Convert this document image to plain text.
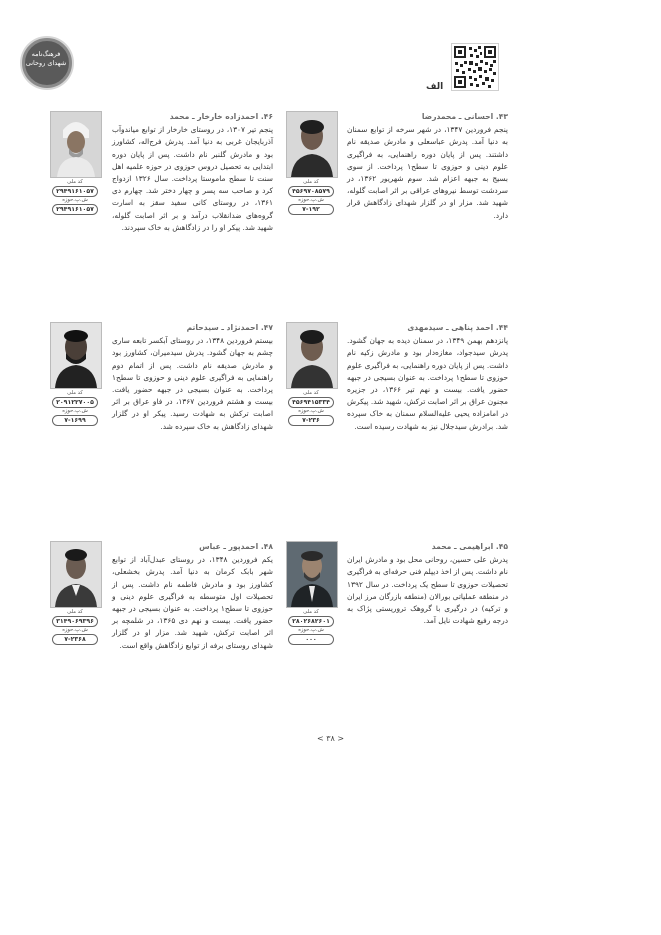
فرهنگ‌نامه شهدای روحانی
الف
۴۳. احسانی ـ محمدرضا
پنجم فروردین ۱۳۴۷، در شهر سرخه از توابع سمنان به دنیا آمد. پدرش عباسعلی و مادرش صدیقه نام داشتند. پس از پایان دوره راهنمایی، به فراگیری علوم دینی و حوزوی تا سطح۱ پرداخت. از سوی بسیج به جبهه اعزام شد. سوم شهریور ۱۳۶۲، در سردشت توسط نیروهای عراقی بر اثر اصابت گلوله، شهید شد. مزار او در گلزار شهدای زادگاهش قرار دارد.
کد ملی
۴۵۶۹۷۰۸۵۷۹
ش.پ.حوزه
۷-۱۹۲
۴۶. احمدزاده خارخار ـ محمد
پنجم تیر ۱۳۰۷، در روستای خارخار از توابع میاندوآب آذربایجان غربی به دنیا آمد. پدرش فرج‌اله، کشاورز بود و مادرش گلنبر نام داشت. پس از پایان دوره ابتدایی به تحصیل دروس حوزوی در حوزه علمیه اهل سنت تا سطح ماموستا پرداخت. سال ۱۳۲۶ ازدواج کرد و صاحب سه پسر و چهار دختر شد. چهارم دی ۱۳۶۱، در روستای کانی سفید سقز به اسارت گروه‌های ضدانقلاب درآمد و بر اثر اصابت گلوله، شهید شد. پیکر او را در زادگاهش به خاک سپردند.
کد ملی
۲۹۴۹۱۶۱۰۵۷
ش.پ.حوزه
۲۹۴۹۱۶۱۰۵۷
۴۴. احمد پناهی ـ سیدمهدی
پانزدهم بهمن ۱۳۴۹، در سمنان دیده به جهان گشود. پدرش سیدجواد، مغازه‌دار بود و مادرش زکیه نام داشت. پس از پایان دوره راهنمایی، به فراگیری علوم حوزوی تا سطح۱ پرداخت. به عنوان بسیجی در جبهه حضور یافت. بیست و نهم تیر ۱۳۶۶، در جزیره مجنون عراق بر اثر اصابت ترکش، شهید شد. پیکرش در امامزاده یحیی علیه‌السلام سمنان به خاک سپرده شد. برادرش سیدجلال نیز به شهادت رسیده است.
کد ملی
۴۵۶۹۴۱۵۳۳۴
ش.پ.حوزه
۷-۲۳۶
۴۷. احمدنژاد ـ سیدحاتم
بیستم فروردین ۱۳۴۸، در روستای آبکسر تابعه ساری چشم به جهان گشود. پدرش سیدمیران، کشاورز بود و مادرش صدیقه نام داشت. پس از اتمام دوم راهنمایی به فراگیری علوم دینی و حوزوی تا سطح۱ پرداخت. به عنوان بسیجی در جبهه حضور یافت. بیست و هشتم فروردین ۱۳۶۷، در فاو عراق بر اثر اصابت ترکش به شهادت رسید. پیکر او در گلزار شهدای زادگاهش به خاک سپرده شد.
کد ملی
۲۰۹۱۲۲۷۰۰۵
ش.پ.حوزه
۷-۱۶۹۹
۴۵. ابراهیمی ـ محمد
پدرش علی حسین، روحانی محل بود و مادرش ایران نام داشت. پس از اخذ دیپلم فنی حرفه‌ای به فراگیری تحصیلات حوزوی تا سطح یک پرداخت. در سال ۱۳۹۲ در منطقه عملیاتی بورالان (منطقه بازرگان مرز ایران و ترکیه) در درگیری با گروهک تروریستی پژاک به درجه رفیع شهادت نایل آمد.
کد ملی
۲۸۰۲۶۸۲۶۰۱
ش.پ.حوزه
۰۰۰
۴۸. احمدپور ـ عباس
یکم فروردین ۱۳۴۸، در روستای عبدل‌آباد از توابع شهر بابک کرمان به دنیا آمد. پدرش بخشعلی، کشاورز بود و مادرش فاطمه نام داشت. پس از تحصیلات اول متوسطه به فراگیری علوم دینی و حوزوی تا سطح۱ پرداخت. به عنوان بسیجی در جبهه حضور یافت. بیست و نهم دی ۱۳۶۵، در شلمچه بر اثر اصابت ترکش، شهید شد. مزار او در گلزار شهدای روستای برفه از توابع زادگاهش واقع است.
کد ملی
۳۱۴۹۰۶۹۳۹۶
ش.پ.حوزه
۷-۲۳۶۸
< ۳۸ >
